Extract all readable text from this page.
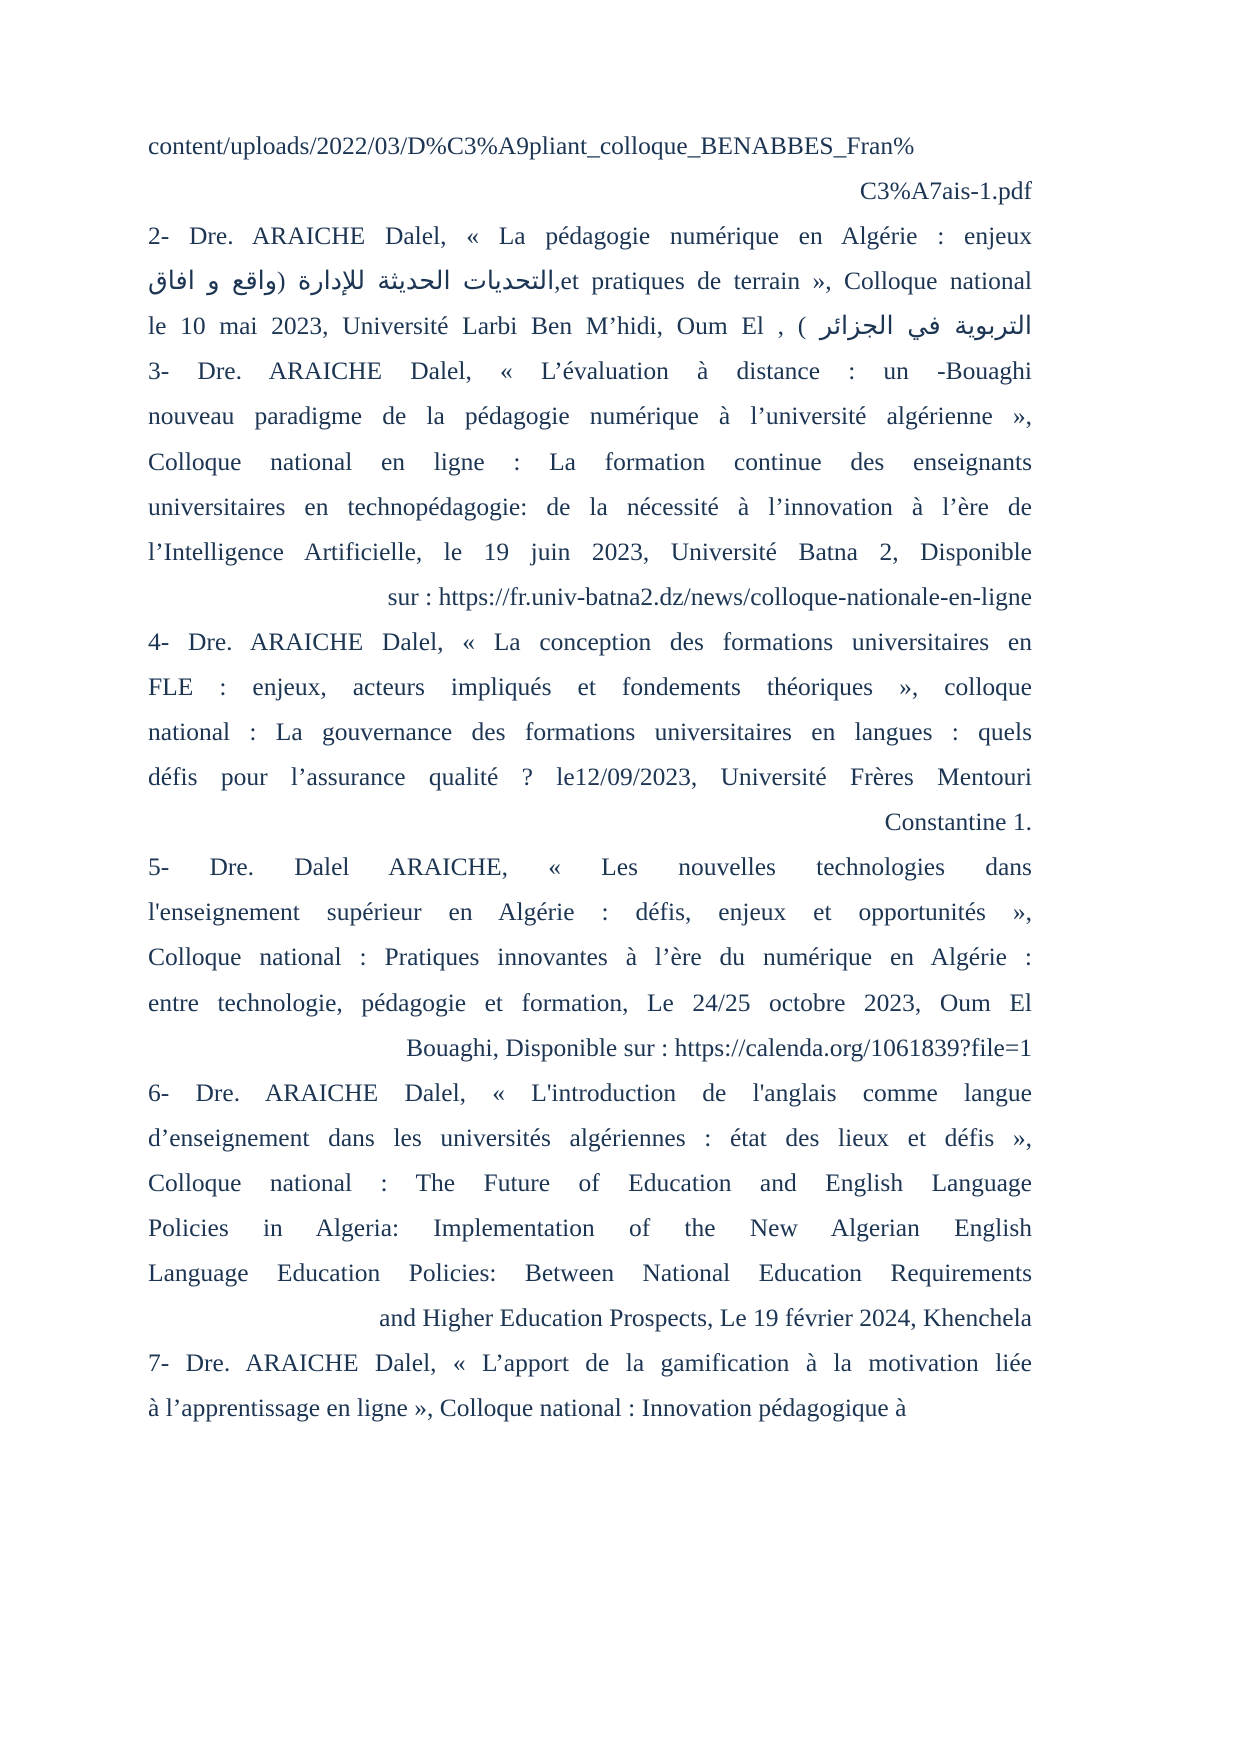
content/uploads/2022/03/D%C3%A9pliant_colloque_BENABBES_Fran%
C3%A7ais-1.pdf
2- Dre. ARAICHE Dalel, « La pédagogie numérique en Algérie : enjeux
التحديات الحديثة للإدارة (واقع و افاق,et pratiques de terrain », Colloque national
le 10 mai 2023, Université Larbi Ben M’hidi, Oum El , ( التربوية في الجزائر
3- Dre. ARAICHE Dalel, « L’évaluation à distance : un -Bouaghi
nouveau paradigme de la pédagogie numérique à l’université algérienne »,
Colloque national en ligne : La formation continue des enseignants
universitaires en technopédagogie: de la nécessité à l’innovation à l’ère de
l’Intelligence Artificielle, le 19 juin 2023, Université Batna 2, Disponible
sur : https://fr.univ-batna2.dz/news/colloque-nationale-en-ligne
4- Dre. ARAICHE Dalel, « La conception des formations universitaires en
FLE : enjeux, acteurs impliqués et fondements théoriques », colloque
national : La gouvernance des formations universitaires en langues : quels
défis pour l’assurance qualité ? le12/09/2023, Université Frères Mentouri
Constantine 1.
5- Dre. Dalel ARAICHE, « Les nouvelles technologies dans
l'enseignement supérieur en Algérie : défis, enjeux et opportunités »,
Colloque national : Pratiques innovantes à l’ère du numérique en Algérie :
entre technologie, pédagogie et formation, Le 24/25 octobre 2023, Oum El
Bouaghi, Disponible sur : https://calenda.org/1061839?file=1
6- Dre. ARAICHE Dalel, « L'introduction de l'anglais comme langue
d’enseignement dans les universités algériennes : état des lieux et défis »,
Colloque national : The Future of Education and English Language
Policies in Algeria: Implementation of the New Algerian English
Language Education Policies: Between National Education Requirements
and Higher Education Prospects, Le 19 février 2024, Khenchela
7- Dre. ARAICHE Dalel, « L’apport de la gamification à la motivation liée
à l’apprentissage en ligne », Colloque national : Innovation pédagogique à
